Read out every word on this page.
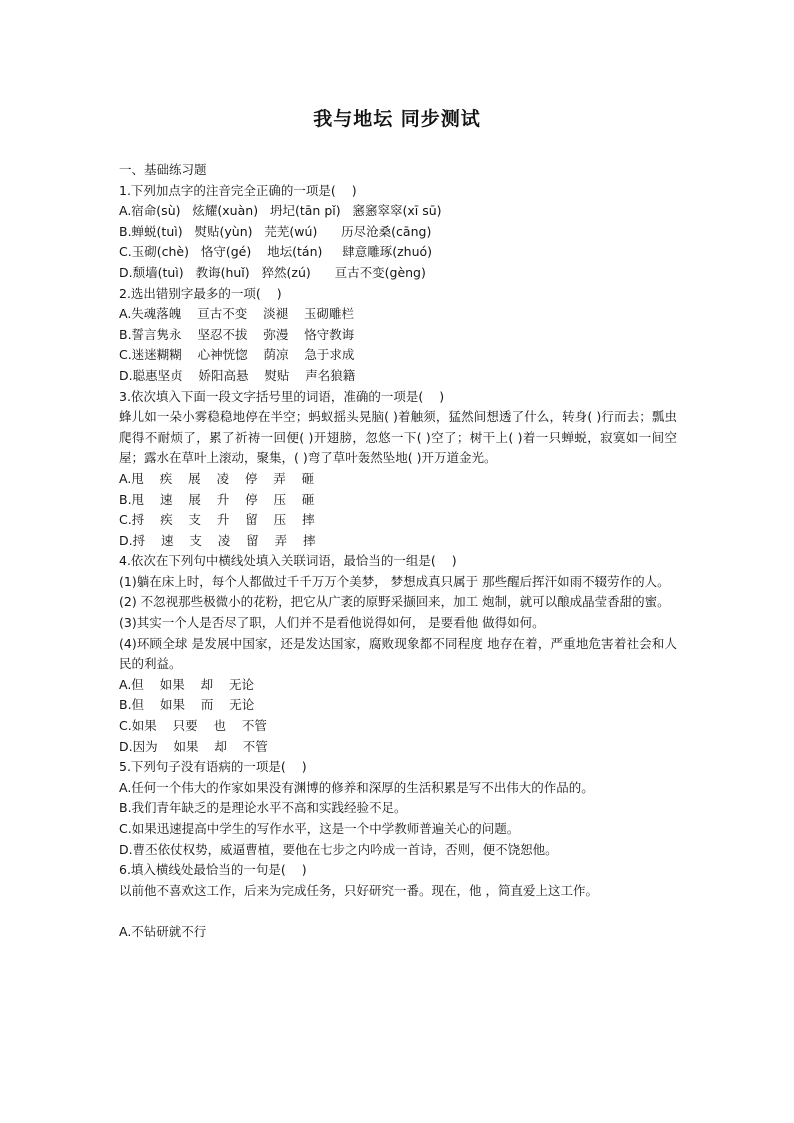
我与地坛 同步测试
一、基础练习题
1.下列加点字的注音完全正确的一项是(    )
A.宿命(sù)   炫耀(xuàn)   坍圮(tān pǐ)   窸窸窣窣(xī sū)
B.蝉蜕(tuì)   熨贴(yùn)   芫芜(wú)      历尽沧桑(cāng)
C.玉砌(chè)   恪守(gé)    地坛(tán)     肆意雕琢(zhuó)
D.颓墙(tuì)   教诲(huǐ)   猝然(zú)      亘古不变(gèng)
2.选出错别字最多的一项(    )
A.失魂落魄    亘古不变    淡褪    玉砌雕栏
B.誓言隽永    坚忍不拔    弥漫    恪守教诲
C.迷迷糊糊    心神恍惚    荫凉    急于求成
D.聪惠坚贞    娇阳高悬    熨贴    声名狼籍
3.依次填入下面一段文字括号里的词语，准确的一项是(    )
蜂儿如一朵小雾稳稳地停在半空；蚂蚁摇头晃脑( )着触须，猛然间想透了什么，转身( )行而去；瓢虫爬得不耐烦了，累了祈祷一回便( )开翅膀，忽悠一下( )空了；树干上( )着一只蝉蜕，寂寞如一间空屋；露水在草叶上滚动，聚集，( )弯了草叶轰然坠地( )开万道金光。
A.甩    疾    展    凌    停    弄    砸
B.甩    速    展    升    停    压    砸
C.捋    疾    支    升    留    压    摔
D.捋    速    支    凌    留    弄    摔
4.依次在下列句中横线处填入关联词语，最恰当的一组是(    )
(1)躺在床上时，每个人都做过千千万万个美梦， 梦想成真只属于 那些醒后挥汗如雨不辍劳作的人。
(2) 不忽视那些极微小的花粉，把它从广袤的原野采撷回来，加工 炮制，就可以酿成晶莹香甜的蜜。
(3)其实一个人是否尽了职，人们并不是看他说得如何， 是要看他 做得如何。
(4)环顾全球 是发展中国家，还是发达国家，腐败现象都不同程度 地存在着，严重地危害着社会和人民的利益。
A.但    如果    却    无论
B.但    如果    而    无论
C.如果    只要    也    不管
D.因为    如果    却    不管
5.下列句子没有语病的一项是(    )
A.任何一个伟大的作家如果没有渊博的修养和深厚的生活积累是写不出伟大的作品的。
B.我们青年缺乏的是理论水平不高和实践经验不足。
C.如果迅速提高中学生的写作水平，这是一个中学教师普遍关心的问题。
D.曹丕依仗权势，威逼曹植，要他在七步之内吟成一首诗，否则，便不饶恕他。
6.填入横线处最恰当的一句是(    )
以前他不喜欢这工作，后来为完成任务，只好研究一番。现在，他 ，简直爱上这工作。
A.不钻研就不行
